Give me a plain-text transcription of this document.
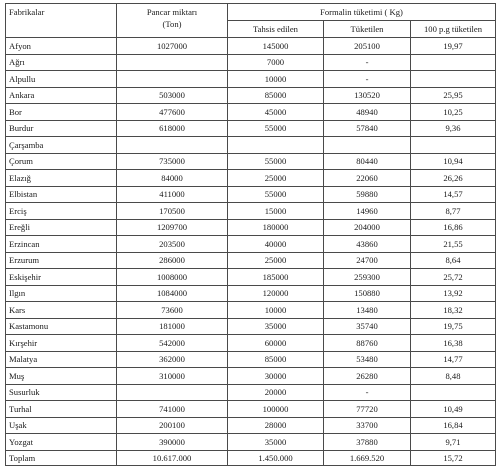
Fabrikalar	Pancar miktarı
(Ton)	Formalin tüketimi ( Kg)		
		Tahsis edilen	Tüketilen	100 p.g tüketilen
Afyon	1027000	145000	205100	19,97
Ağrı		7000	-	
Alpullu		10000	-	
Ankara	503000	85000	130520	25,95
Bor	477600	45000	48940	10,25
Burdur	618000	55000	57840	9,36
Çarşamba				
Çorum	735000	55000	80440	10,94
Elazığ	84000	25000	22060	26,26
Elbistan	411000	55000	59880	14,57
Erciş	170500	15000	14960	8,77
Ereğli	1209700	180000	204000	16,86
Erzincan	203500	40000	43860	21,55
Erzurum	286000	25000	24700	8,64
Eskişehir	1008000	185000	259300	25,72
Ilgın	1084000	120000	150880	13,92
Kars	73600	10000	13480	18,32
Kastamonu	181000	35000	35740	19,75
Kırşehir	542000	60000	88760	16,38
Malatya	362000	85000	53480	14,77
Muş	310000	30000	26280	8,48
Susurluk		20000	-	
Turhal	741000	100000	77720	10,49
Uşak	200100	28000	33700	16,84
Yozgat	390000	35000	37880	9,71
Toplam	10.617.000	1.450.000	1.669.520	15,72
